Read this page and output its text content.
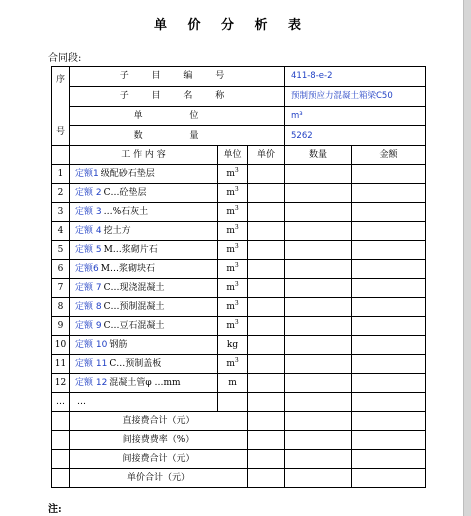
单 价 分 析 表
合同段:
序

号	子 目 编 号			411-8-e-2	
	子 目 名 称			预制预应力混凝土箱梁C50	
	单 位			m³	
	数 量			5262	
	工 作 内 容	单位	单价	数量	金额
1	定额1 级配砂石垫层	$m^3$			
2	定额 2 C…砼垫层	$m^3$			
3	定额 3 …%石灰土	$m^3$			
4	定额 4 挖土方	$m^3$			
5	定额 5 M…浆砌片石	$m^3$			
6	定额6 M…浆砌块石	$m^3$			
7	定额 7 C…现浇混凝土	$m^3$			
8	定额 8 C…预制混凝土	$m^3$			
9	定额 9 C…豆石混凝土	$m^3$			
10	定额 10 钢筋	kg			
11	定额 11 C…预制盖板	$m^3$			
12	定额 12 混凝土管φ …mm	m			
…	…				
	直接费合计（元）				
	间接费费率（%）				
	间接费合计（元）				
	单价合计（元）				
注:
